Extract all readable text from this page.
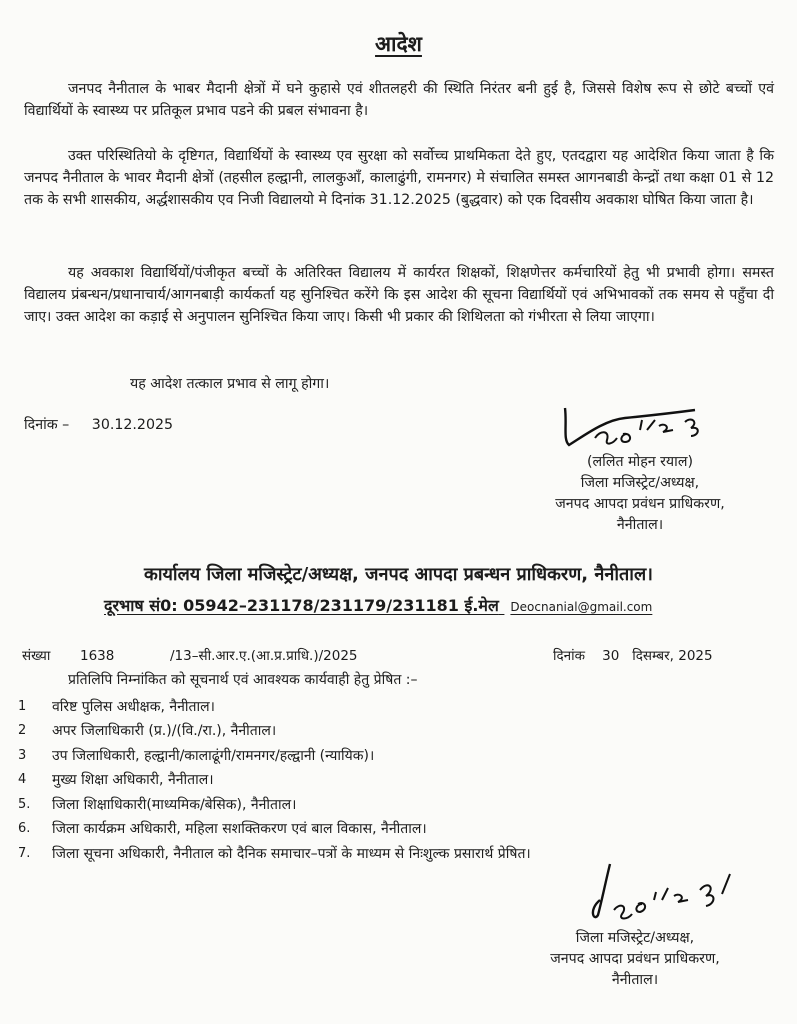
आदेश
जनपद नैनीताल के भाबर मैदानी क्षेत्रों में घने कुहासे एवं शीतलहरी की स्थिति निरंतर बनी हुई है, जिससे विशेष रूप से छोटे बच्चों एवं विद्यार्थियों के स्वास्थ्य पर प्रतिकूल प्रभाव पडने की प्रबल संभावना है।
उक्त परिस्थितियो के दृष्टिगत, विद्यार्थियों के स्वास्थ्य एव सुरक्षा को सर्वोच्च प्राथमिकता देते हुए, एतदद्वारा यह आदेशित किया जाता है कि जनपद नैनीताल के भावर मैदानी क्षेत्रों (तहसील हल्द्वानी, लालकुआँ, कालाढुंगी, रामनगर) मे संचालित समस्त आगनबाडी केन्द्रों तथा कक्षा 01 से 12 तक के सभी शासकीय, अर्द्धशासकीय एव निजी विद्यालयो मे दिनांक 31.12.2025 (बुद्धवार) को एक दिवसीय अवकाश घोषित किया जाता है।
यह अवकाश विद्यार्थियों/पंजीकृत बच्चों के अतिरिक्त विद्यालय में कार्यरत शिक्षकों, शिक्षणेत्तर कर्मचारियों हेतु भी प्रभावी होगा। समस्त विद्यालय प्रंबन्धन/प्रधानाचार्य/आगनबाड़ी कार्यकर्ता यह सुनिश्चित करेंगे कि इस आदेश की सूचना विद्यार्थियों एवं अभिभावकों तक समय से पहुँचा दी जाए। उक्त आदेश का कड़ाई से अनुपालन सुनिश्चित किया जाए। किसी भी प्रकार की शिथिलता को गंभीरता से लिया जाएगा।
यह आदेश तत्काल प्रभाव से लागू होगा।
दिनांक –     30.12.2025
(ललित मोहन रयाल)
जिला मजिस्ट्रेट/अध्यक्ष,
जनपद आपदा प्रवंधन प्राधिकरण,
नैनीताल।
कार्यालय जिला मजिस्ट्रेट/अध्यक्ष, जनपद आपदा प्रबन्धन प्राधिकरण, नैनीताल।
दूरभाष सं0: 05942–231178/231179/231181 ई.मेल Deocnanial@gmail.com
संख्या 1638	/13–सी.आर.ए.(आ.प्र.प्राधि.)/2025	दिनांक    30   दिसम्बर, 2025
प्रतिलिपि निम्नांकित को सूचनार्थ एवं आवश्यक कार्यवाही हेतु प्रेषित :–
1	वरिष्ट पुलिस अधीक्षक, नैनीताल।
2	अपर जिलाधिकारी (प्र.)/(वि./रा.), नैनीताल।
3	उप जिलाधिकारी, हल्द्वानी/कालाढूंगी/रामनगर/हल्द्वानी (न्यायिक)।
4	मुख्य शिक्षा अधिकारी, नैनीताल।
5.	जिला शिक्षाधिकारी(माध्यमिक/बेसिक), नैनीताल।
6.	जिला कार्यक्रम अधिकारी, महिला सशक्तिकरण एवं बाल विकास, नैनीताल।
7.	जिला सूचना अधिकारी, नैनीताल को दैनिक समाचार–पत्रों के माध्यम से निःशुल्क प्रसारार्थ प्रेषित।
जिला मजिस्ट्रेट/अध्यक्ष,
जनपद आपदा प्रवंधन प्राधिकरण,
नैनीताल।
